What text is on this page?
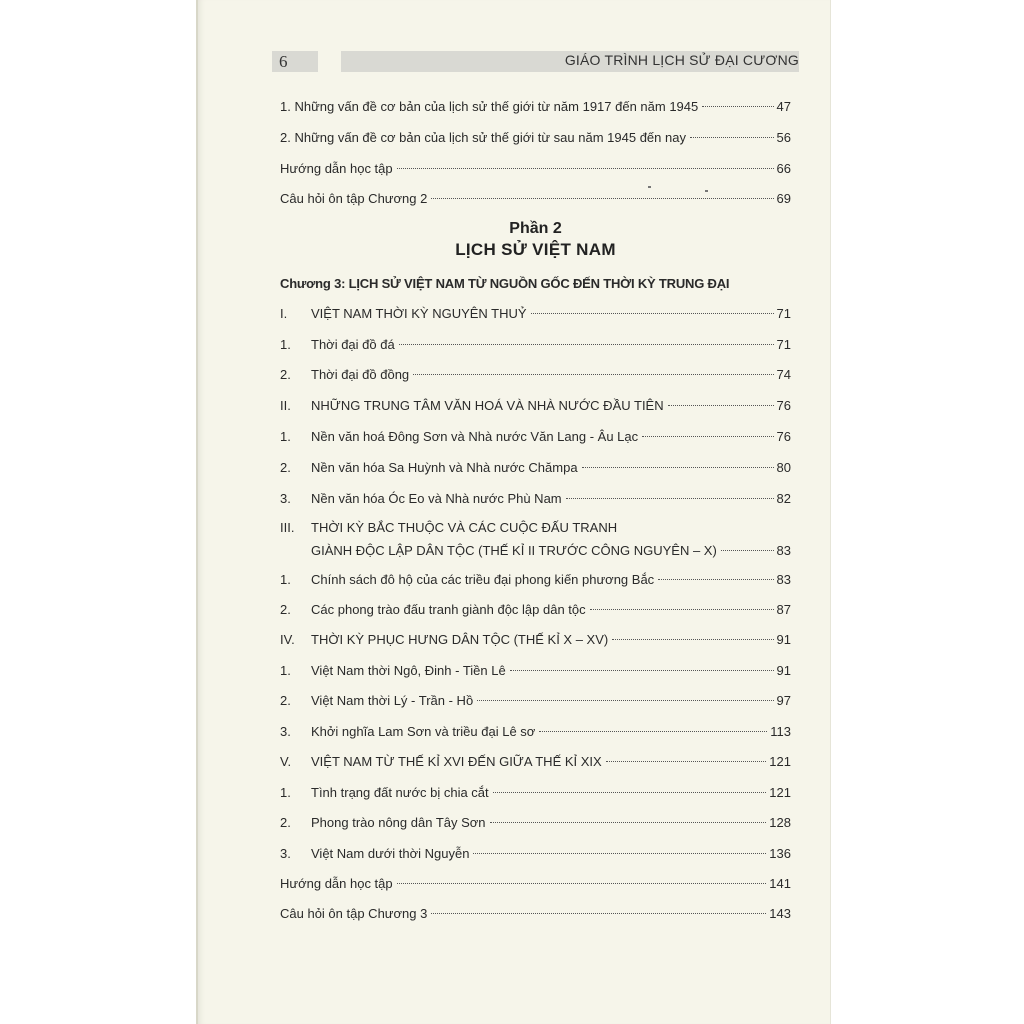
6	GIÁO TRÌNH LỊCH SỬ ĐẠI CƯƠNG
1. Những vấn đề cơ bản của lịch sử thế giới từ năm 1917 đến năm 1945	47
2. Những vấn đề cơ bản của lịch sử thế giới từ sau năm 1945 đến nay	56
Hướng dẫn học tập	66
Câu hỏi ôn tập Chương 2	69
Phần 2
LỊCH SỬ VIỆT NAM
Chương 3: LỊCH SỬ VIỆT NAM TỪ NGUỒN GỐC ĐẾN THỜI KỲ TRUNG ĐẠI
I.	VIỆT NAM THỜI KỲ NGUYÊN THUỶ	71
1.	Thời đại đồ đá	71
2.	Thời đại đồ đồng	74
II.	NHỮNG TRUNG TÂM VĂN HOÁ VÀ NHÀ NƯỚC ĐẦU TIÊN	76
1.	Nền văn hoá Đông Sơn và Nhà nước Văn Lang - Âu Lạc	76
2.	Nền văn hóa Sa Huỳnh và Nhà nước Chămpa	80
3.	Nền văn hóa Óc Eo và Nhà nước Phù Nam	82
III.	THỜI KỲ BẮC THUỘC VÀ CÁC CUỘC ĐẤU TRANH
GIÀNH ĐỘC LẬP DÂN TỘC (THẾ KỈ II TRƯỚC CÔNG NGUYÊN – X)	83
1.	Chính sách đô hộ của các triều đại phong kiến phương Bắc	83
2.	Các phong trào đấu tranh giành độc lập dân tộc	87
IV.	THỜI KỲ PHỤC HƯNG DÂN TỘC (THẾ KỈ X – XV)	91
1.	Việt Nam thời Ngô, Đinh - Tiền Lê	91
2.	Việt Nam thời Lý - Trần - Hồ	97
3.	Khởi nghĩa Lam Sơn và triều đại Lê sơ	113
V.	VIỆT NAM TỪ THẾ KỈ XVI ĐẾN GIỮA THẾ KỈ XIX	121
1.	Tình trạng đất nước bị chia cắt	121
2.	Phong trào nông dân Tây Sơn	128
3.	Việt Nam dưới thời Nguyễn	136
Hướng dẫn học tập	141
Câu hỏi ôn tập Chương 3	143
